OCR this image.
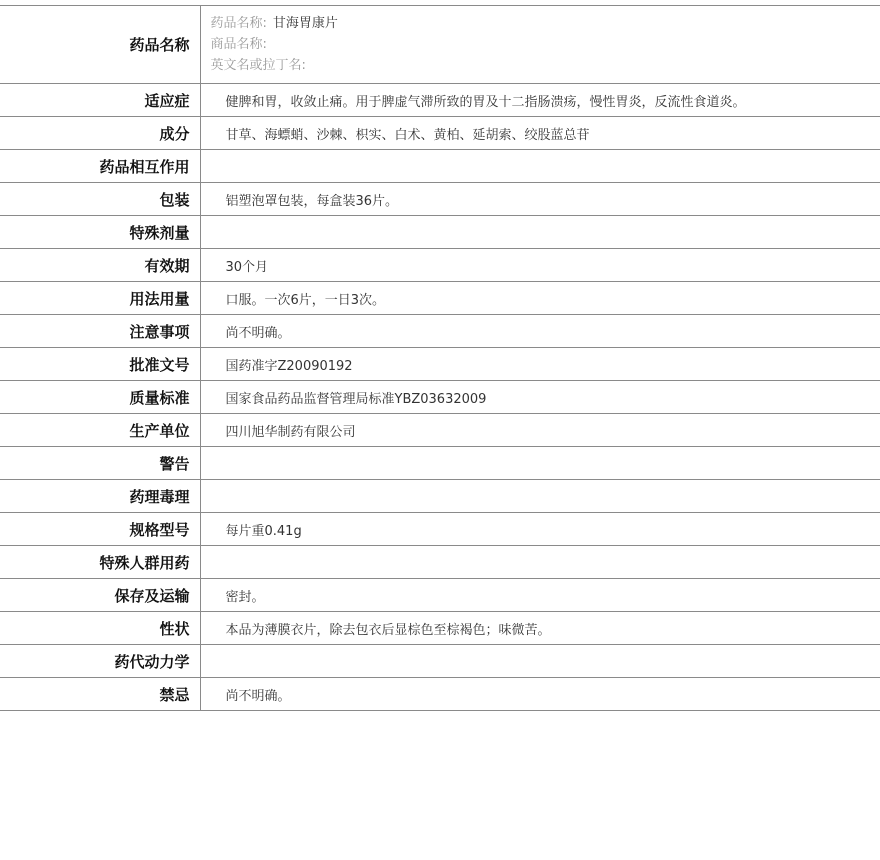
药品名称	药品名称: 甘海胃康片
商品名称:
英文名或拉丁名:

适应症	健脾和胃，收敛止痛。用于脾虚气滞所致的胃及十二指肠溃疡，慢性胃炎，反流性食道炎。
成分	甘草、海螵蛸、沙棘、枳实、白术、黄柏、延胡索、绞股蓝总苷
药品相互作用	
包装	铝塑泡罩包装，每盒装36片。
特殊剂量	
有效期	30个月
用法用量	口服。一次6片，一日3次。
注意事项	尚不明确。
批准文号	国药准字Z20090192
质量标准	国家食品药品监督管理局标准YBZ03632009
生产单位	四川旭华制药有限公司
警告	
药理毒理	
规格型号	每片重0.41g
特殊人群用药	
保存及运输	密封。
性状	本品为薄膜衣片，除去包衣后显棕色至棕褐色；味微苦。
药代动力学	
禁忌	尚不明确。
